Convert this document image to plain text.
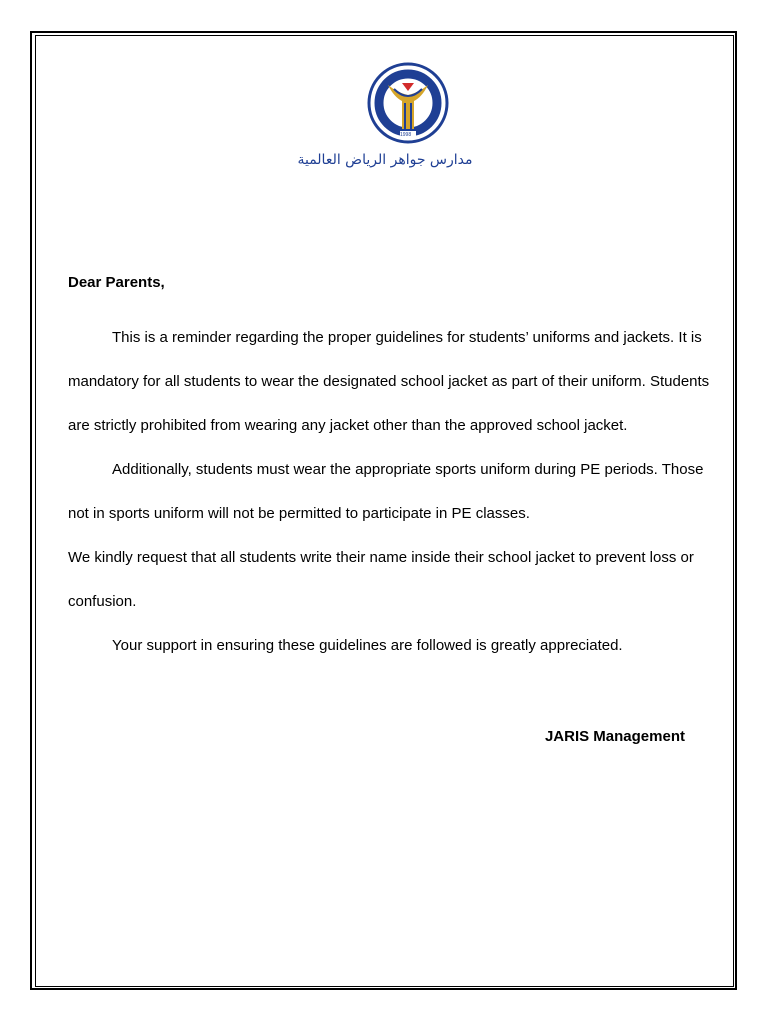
1998
مدارس جواهر الرياض العالمية

Dear Parents,

This is a reminder regarding the proper guidelines for students’ uniforms and jackets. It is mandatory for all students to wear the designated school jacket as part of their uniform. Students are strictly prohibited from wearing any jacket other than the approved school jacket.

Additionally, students must wear the appropriate sports uniform during PE periods. Those not in sports uniform will not be permitted to participate in PE classes.

We kindly request that all students write their name inside their school jacket to prevent loss or confusion.

Your support in ensuring these guidelines are followed is greatly appreciated.

JARIS Management
